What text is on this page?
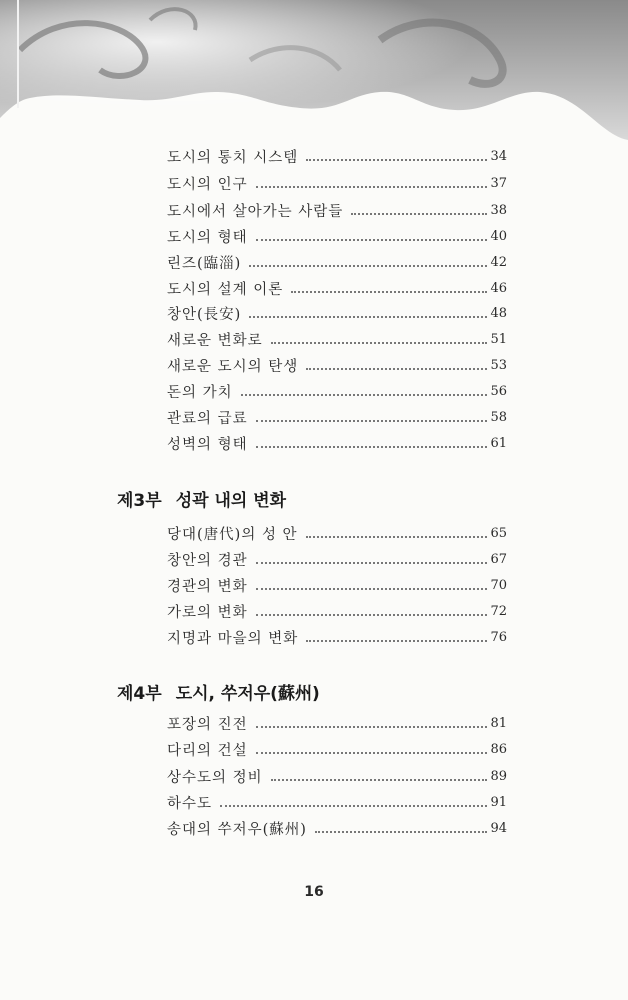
도시의 통치 시스템	34
도시의 인구	37
도시에서 살아가는 사람들	38
도시의 형태	40
린즈(臨淄)	42
도시의 설계 이론	46
창안(長安)	48
새로운 변화로	51
새로운 도시의 탄생	53
돈의 가치	56
관료의 급료	58
성벽의 형태	61
제3부 성곽 내의 변화
당대(唐代)의 성 안	65
창안의 경관	67
경관의 변화	70
가로의 변화	72
지명과 마을의 변화	76
제4부 도시, 쑤저우(蘇州)
포장의 진전	81
다리의 건설	86
상수도의 정비	89
하수도	91
송대의 쑤저우(蘇州)	94
16
